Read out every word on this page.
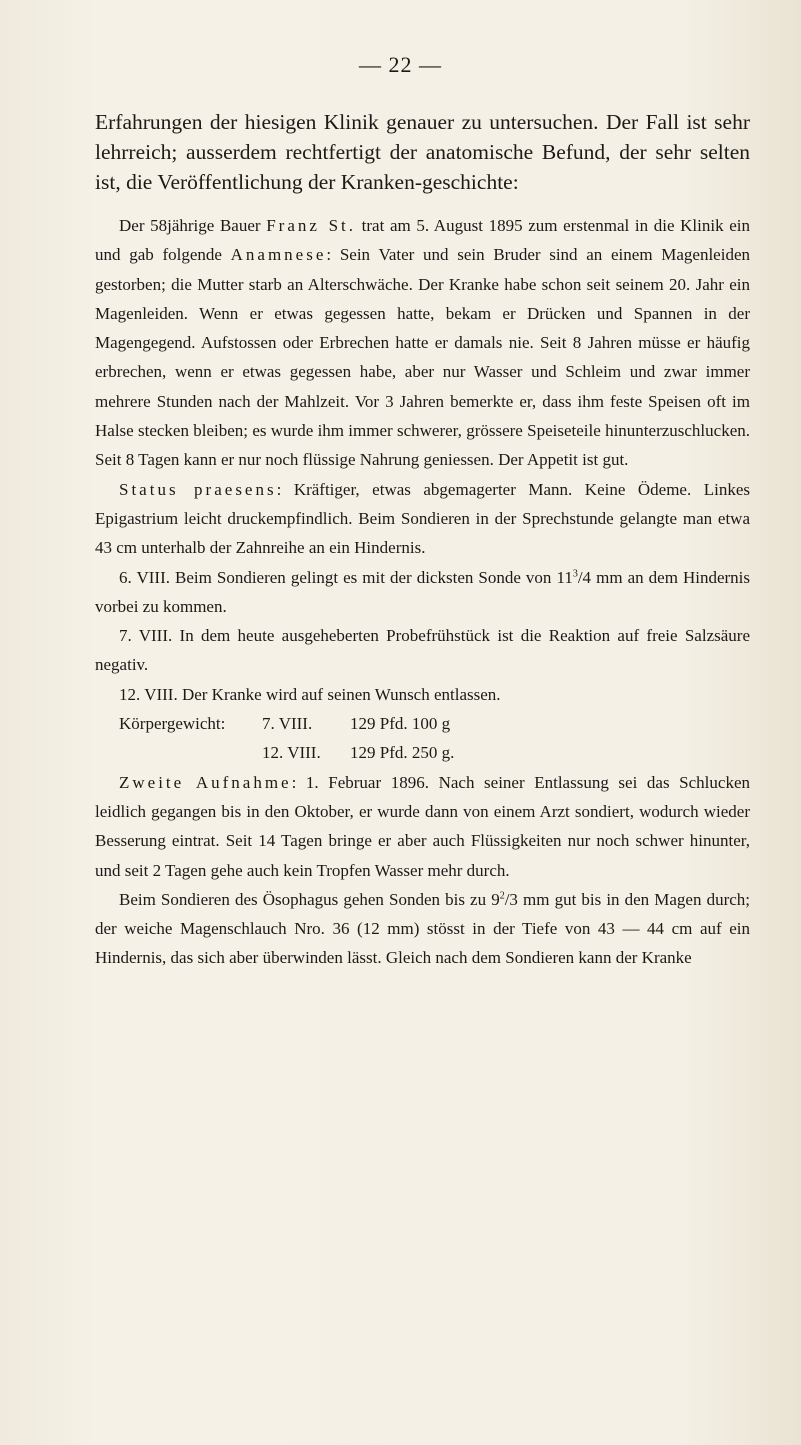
— 22 —

Erfahrungen der hiesigen Klinik genauer zu untersuchen. Der Fall ist sehr lehrreich; ausserdem rechtfertigt der anatomische Befund, der sehr selten ist, die Veröffentlichung der Kranken-geschichte:

Der 58jährige Bauer Franz St. trat am 5. August 1895 zum erstenmal in die Klinik ein und gab folgende Anamnese: Sein Vater und sein Bruder sind an einem Magenleiden gestorben; die Mutter starb an Alterschwäche. Der Kranke habe schon seit seinem 20. Jahr ein Magenleiden. Wenn er etwas gegessen hatte, bekam er Drücken und Spannen in der Magengegend. Aufstossen oder Erbrechen hatte er damals nie. Seit 8 Jahren müsse er häufig erbrechen, wenn er etwas gegessen habe, aber nur Wasser und Schleim und zwar immer mehrere Stunden nach der Mahlzeit. Vor 3 Jahren bemerkte er, dass ihm feste Speisen oft im Halse stecken bleiben; es wurde ihm immer schwerer, grössere Speiseteile hinunterzuschlucken. Seit 8 Tagen kann er nur noch flüssige Nahrung geniessen. Der Appetit ist gut.

Status praesens: Kräftiger, etwas abgemagerter Mann. Keine Ödeme. Linkes Epigastrium leicht druckempfindlich. Beim Sondieren in der Sprechstunde gelangte man etwa 43 cm unterhalb der Zahnreihe an ein Hindernis.

6. VIII. Beim Sondieren gelingt es mit der dicksten Sonde von $11^3/4$ mm an dem Hindernis vorbei zu kommen.

7. VIII. In dem heute ausgeheberten Probefrühstück ist die Reaktion auf freie Salzsäure negativ.

12. VIII. Der Kranke wird auf seinen Wunsch entlassen.

Körpergewicht:	7. VIII.	129 Pfd. 100 g
12. VIII.	129 Pfd. 250 g.

Zweite Aufnahme: 1. Februar 1896. Nach seiner Entlassung sei das Schlucken leidlich gegangen bis in den Oktober, er wurde dann von einem Arzt sondiert, wodurch wieder Besserung eintrat. Seit 14 Tagen bringe er aber auch Flüssigkeiten nur noch schwer hinunter, und seit 2 Tagen gehe auch kein Tropfen Wasser mehr durch.

Beim Sondieren des Ösophagus gehen Sonden bis zu $9^2/3$ mm gut bis in den Magen durch; der weiche Magenschlauch Nro. 36 (12 mm) stösst in der Tiefe von 43 — 44 cm auf ein Hindernis, das sich aber überwinden lässt. Gleich nach dem Sondieren kann der Kranke
